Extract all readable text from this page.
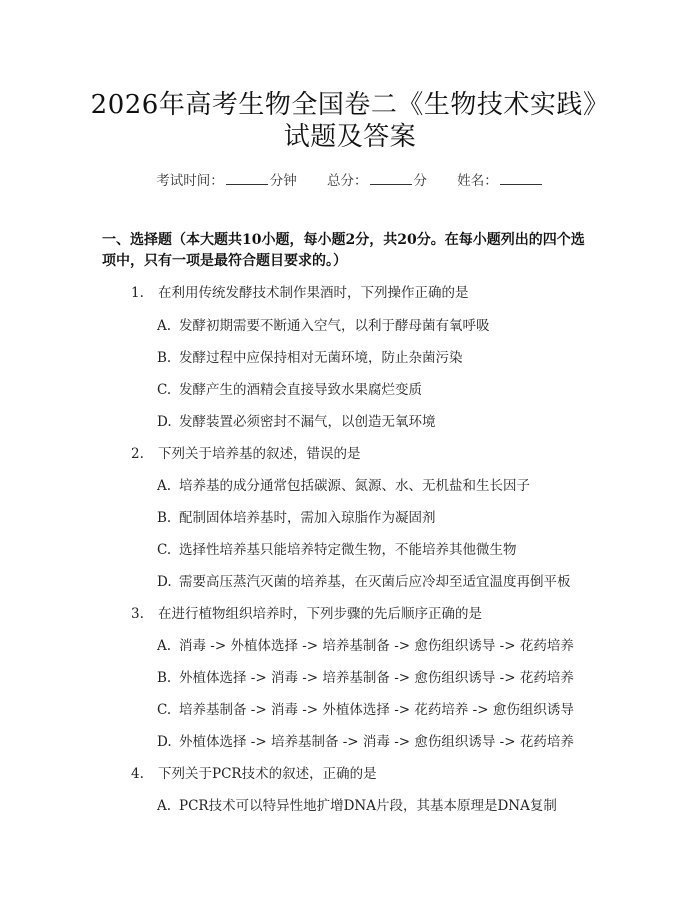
2026年高考生物全国卷二《生物技术实践》
试题及答案
考试时间：	分钟 总分：	分 姓名：
一、选择题（本大题共10小题，每小题2分，共20分。在每小题列出的四个选
项中，只有一项是最符合题目要求的。）
1. 在利用传统发酵技术制作果酒时，下列操作正确的是
A. 发酵初期需要不断通入空气，以利于酵母菌有氧呼吸
B. 发酵过程中应保持相对无菌环境，防止杂菌污染
C. 发酵产生的酒精会直接导致水果腐烂变质
D. 发酵装置必须密封不漏气，以创造无氧环境
2. 下列关于培养基的叙述，错误的是
A. 培养基的成分通常包括碳源、氮源、水、无机盐和生长因子
B. 配制固体培养基时，需加入琼脂作为凝固剂
C. 选择性培养基只能培养特定微生物，不能培养其他微生物
D. 需要高压蒸汽灭菌的培养基，在灭菌后应冷却至适宜温度再倒平板
3. 在进行植物组织培养时，下列步骤的先后顺序正确的是
A. 消毒 -> 外植体选择 -> 培养基制备 -> 愈伤组织诱导 -> 花药培养
B. 外植体选择 -> 消毒 -> 培养基制备 -> 愈伤组织诱导 -> 花药培养
C. 培养基制备 -> 消毒 -> 外植体选择 -> 花药培养 -> 愈伤组织诱导
D. 外植体选择 -> 培养基制备 -> 消毒 -> 愈伤组织诱导 -> 花药培养
4. 下列关于PCR技术的叙述，正确的是
A. PCR技术可以特异性地扩增DNA片段，其基本原理是DNA复制
